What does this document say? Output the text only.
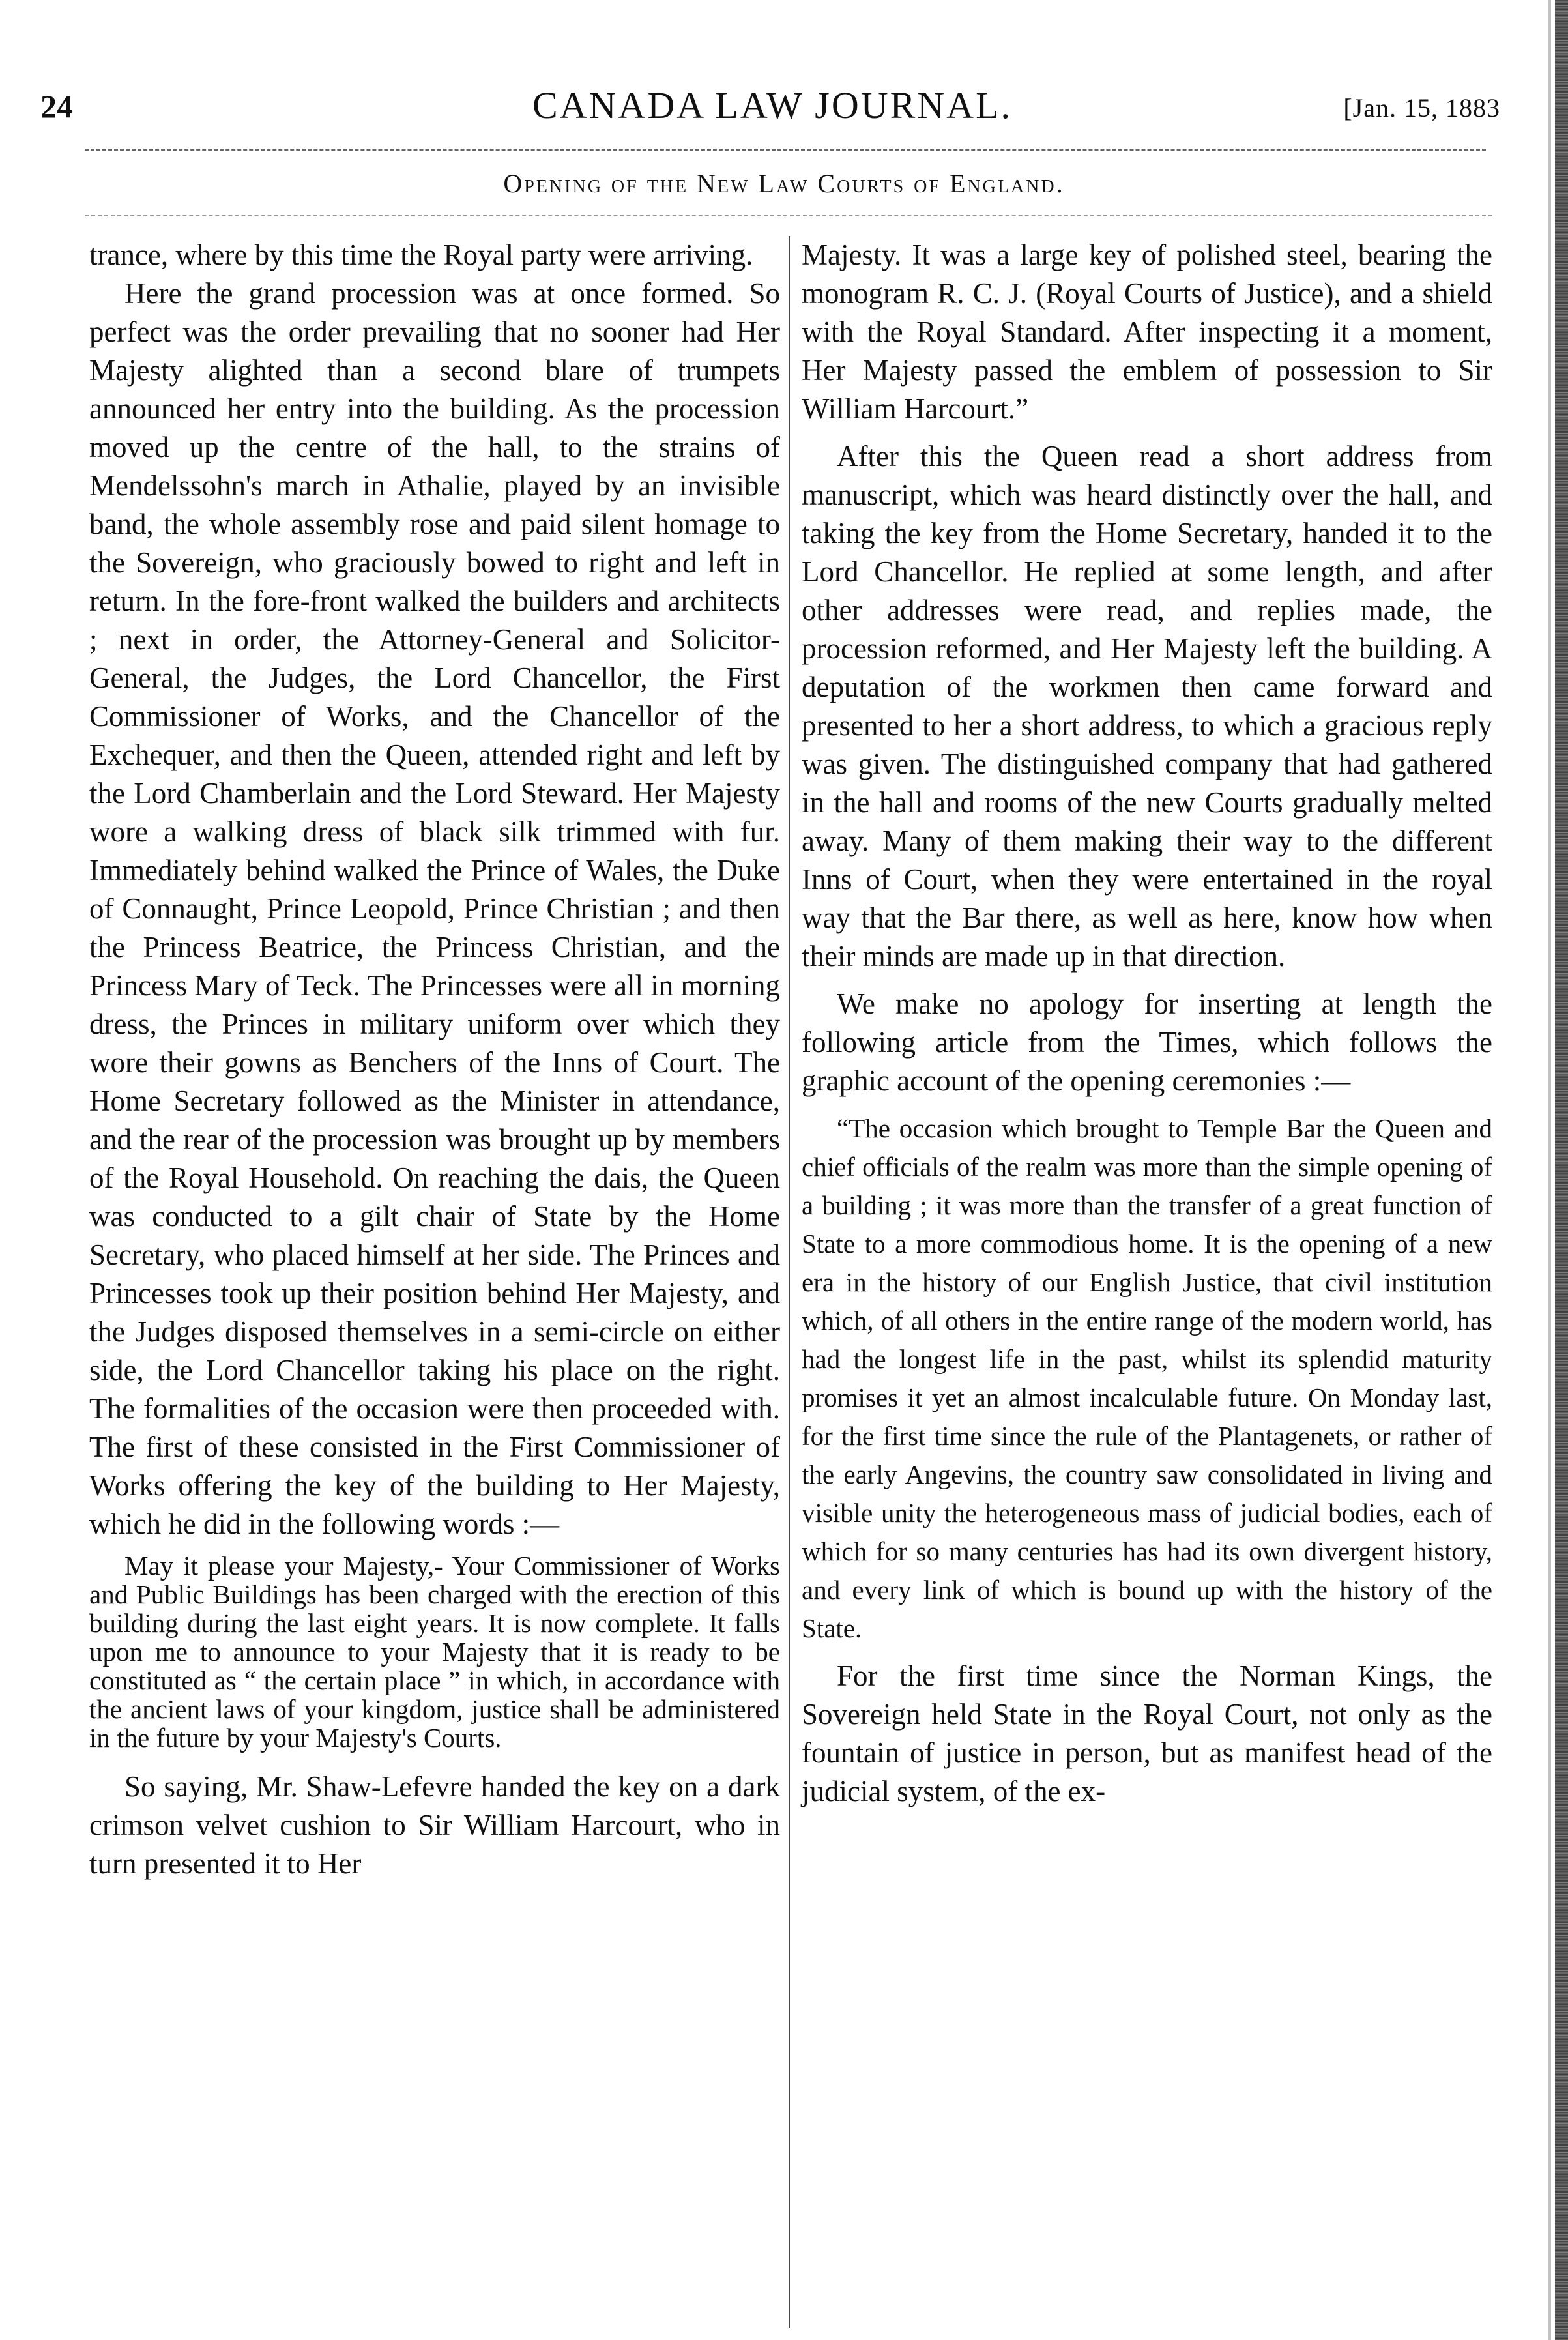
24	CANADA LAW JOURNAL.	[Jan. 15, 1883
Opening of the New Law Courts of England.

trance, where by this time the Royal party were arriving.

Here the grand procession was at once formed. So perfect was the order prevailing that no sooner had Her Majesty alighted than a second blare of trumpets announced her entry into the building. As the procession moved up the centre of the hall, to the strains of Mendelssohn's march in Athalie, played by an invisible band, the whole assembly rose and paid silent homage to the Sovereign, who graciously bowed to right and left in return. In the fore-front walked the builders and architects ; next in order, the Attorney-General and Solicitor-General, the Judges, the Lord Chancellor, the First Commissioner of Works, and the Chancellor of the Exchequer, and then the Queen, attended right and left by the Lord Chamberlain and the Lord Steward. Her Majesty wore a walking dress of black silk trimmed with fur. Immediately behind walked the Prince of Wales, the Duke of Connaught, Prince Leopold, Prince Christian ; and then the Princess Beatrice, the Princess Christian, and the Princess Mary of Teck. The Princesses were all in morning dress, the Princes in military uniform over which they wore their gowns as Benchers of the Inns of Court. The Home Secretary followed as the Minister in attendance, and the rear of the procession was brought up by members of the Royal Household. On reaching the dais, the Queen was conducted to a gilt chair of State by the Home Secretary, who placed himself at her side. The Princes and Princesses took up their position behind Her Majesty, and the Judges disposed themselves in a semi-circle on either side, the Lord Chancellor taking his place on the right. The formalities of the occasion were then proceeded with. The first of these consisted in the First Commissioner of Works offering the key of the building to Her Majesty, which he did in the following words :—

May it please your Majesty,- Your Commissioner of Works and Public Buildings has been charged with the erection of this building during the last eight years. It is now complete. It falls upon me to announce to your Majesty that it is ready to be constituted as “ the certain place ” in which, in accordance with the ancient laws of your kingdom, justice shall be administered in the future by your Majesty's Courts.

So saying, Mr. Shaw-Lefevre handed the key on a dark crimson velvet cushion to Sir William Harcourt, who in turn presented it to Her

Majesty. It was a large key of polished steel, bearing the monogram R. C. J. (Royal Courts of Justice), and a shield with the Royal Standard. After inspecting it a moment, Her Majesty passed the emblem of possession to Sir William Harcourt.”

After this the Queen read a short address from manuscript, which was heard distinctly over the hall, and taking the key from the Home Secretary, handed it to the Lord Chancellor. He replied at some length, and after other addresses were read, and replies made, the procession reformed, and Her Majesty left the building. A deputation of the workmen then came forward and presented to her a short address, to which a gracious reply was given. The distinguished company that had gathered in the hall and rooms of the new Courts gradually melted away. Many of them making their way to the different Inns of Court, when they were entertained in the royal way that the Bar there, as well as here, know how when their minds are made up in that direction.

We make no apology for inserting at length the following article from the Times, which follows the graphic account of the opening ceremonies :—

“The occasion which brought to Temple Bar the Queen and chief officials of the realm was more than the simple opening of a building ; it was more than the transfer of a great function of State to a more commodious home. It is the opening of a new era in the history of our English Justice, that civil institution which, of all others in the entire range of the modern world, has had the longest life in the past, whilst its splendid maturity promises it yet an almost incalculable future. On Monday last, for the first time since the rule of the Plantagenets, or rather of the early Angevins, the country saw consolidated in living and visible unity the heterogeneous mass of judicial bodies, each of which for so many centuries has had its own divergent history, and every link of which is bound up with the history of the State.

For the first time since the Norman Kings, the Sovereign held State in the Royal Court, not only as the fountain of justice in person, but as manifest head of the judicial system, of the ex-
